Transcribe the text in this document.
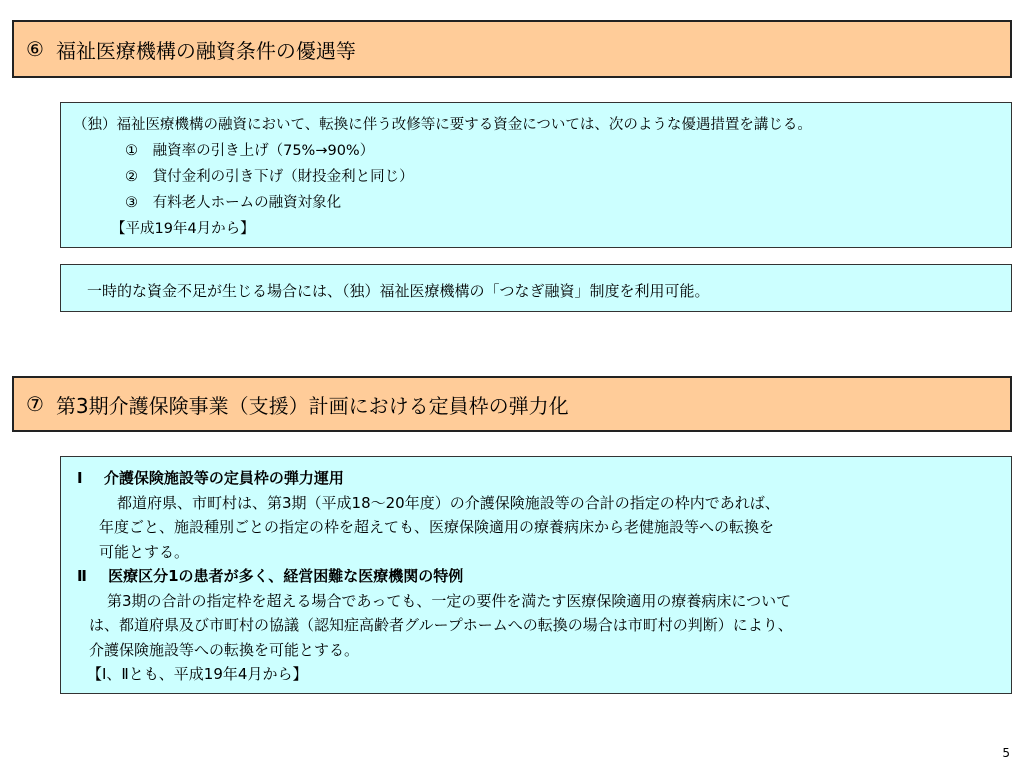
⑥ 福祉医療機構の融資条件の優遇等
（独）福祉医療機構の融資において、転換に伴う改修等に要する資金については、次のような優遇措置を講じる。
① 融資率の引き上げ（75%→90%）
② 貸付金利の引き下げ（財投金利と同じ）
③ 有料老人ホームの融資対象化
【平成19年4月から】
一時的な資金不足が生じる場合には、（独）福祉医療機構の「つなぎ融資」制度を利用可能。
⑦ 第3期介護保険事業（支援）計画における定員枠の弾力化
Ⅰ 介護保険施設等の定員枠の弾力運用
都道府県、市町村は、第3期（平成18～20年度）の介護保険施設等の合計の指定の枠内であれば、
年度ごと、施設種別ごとの指定の枠を超えても、医療保険適用の療養病床から老健施設等への転換を
可能とする。
Ⅱ 医療区分1の患者が多く、経営困難な医療機関の特例
第3期の合計の指定枠を超える場合であっても、一定の要件を満たす医療保険適用の療養病床について
は、都道府県及び市町村の協議（認知症高齢者グループホームへの転換の場合は市町村の判断）により、
介護保険施設等への転換を可能とする。
【Ⅰ、Ⅱとも、平成19年4月から】
5
